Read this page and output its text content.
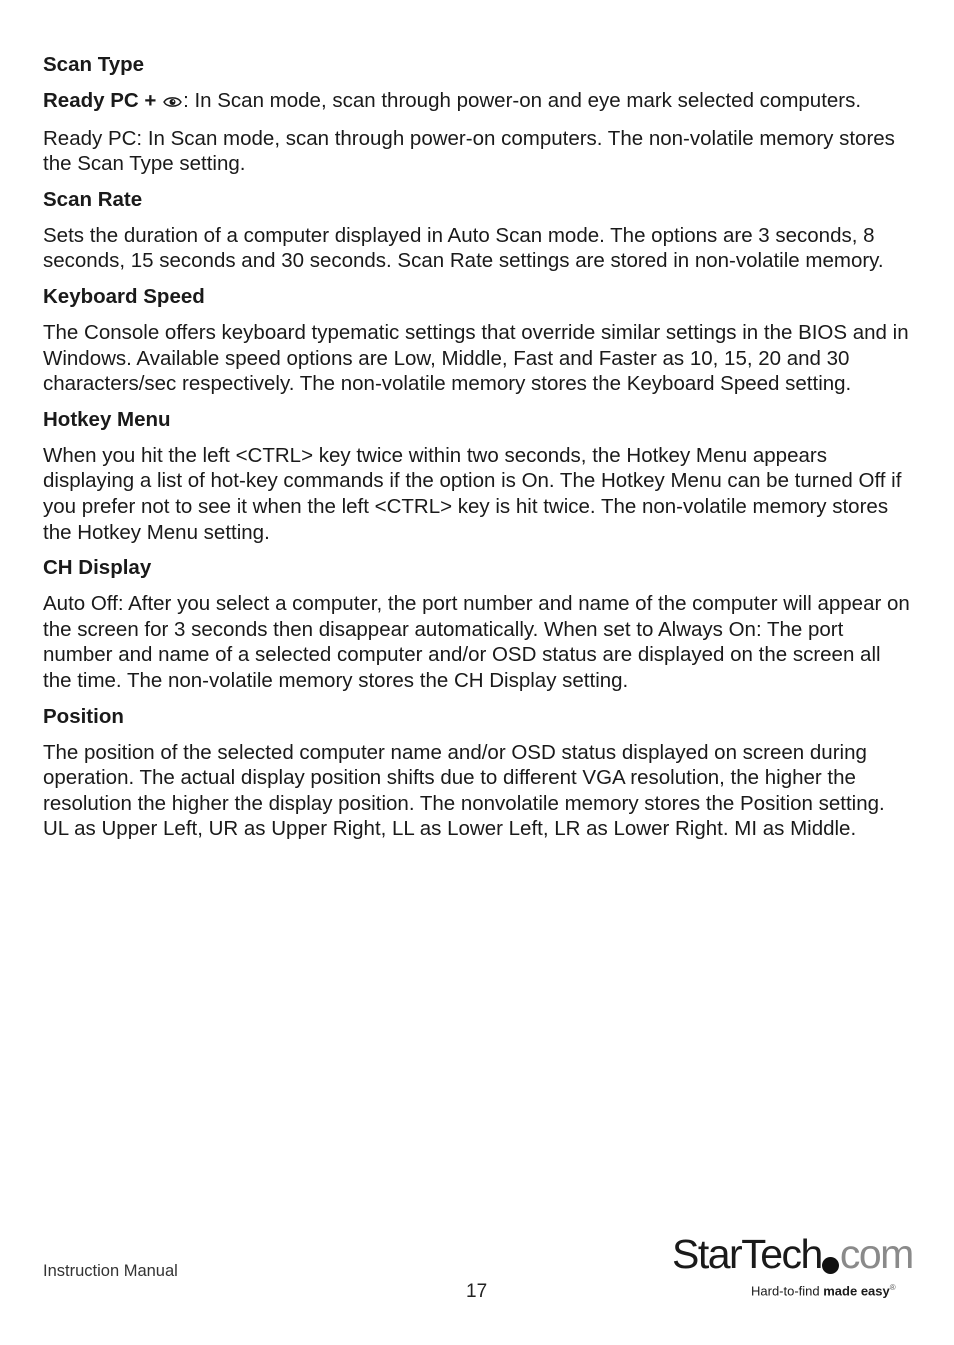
Scan Type

Ready PC + : In Scan mode, scan through power-on and eye mark selected computers.

Ready PC: In Scan mode, scan through power-on computers. The non-volatile memory stores the Scan Type setting.

Scan Rate

Sets the duration of a computer displayed in Auto Scan mode. The options are 3 seconds, 8 seconds, 15 seconds and 30 seconds. Scan Rate settings are stored in non-volatile memory.

Keyboard Speed

The Console offers keyboard typematic settings that override similar settings in the BIOS and in Windows. Available speed options are Low, Middle, Fast and Faster as 10, 15, 20 and 30 characters/sec respectively. The non-volatile memory stores the Keyboard Speed setting.

Hotkey Menu

When you hit the left <CTRL> key twice within two seconds, the Hotkey Menu appears displaying a list of hot-key commands if the option is On. The Hotkey Menu can be turned Off if you prefer not to see it when the left <CTRL> key is hit twice. The non-volatile memory stores the Hotkey Menu setting.

CH Display

Auto Off: After you select a computer, the port number and name of the computer will appear on the screen for 3 seconds then disappear automatically. When set to Always On: The port number and name of a selected computer and/or OSD status are displayed on the screen all the time. The non-volatile memory stores the CH Display setting.

Position

The position of the selected computer name and/or OSD status displayed on screen during operation. The actual display position shifts due to different VGA resolution, the higher the resolution the higher the display position. The nonvolatile memory stores the Position setting. UL as Upper Left, UR as Upper Right, LL as Lower Left, LR as Lower Right. MI as Middle.

Instruction Manual
17
StarTech com
Hard-to-find made easy®
